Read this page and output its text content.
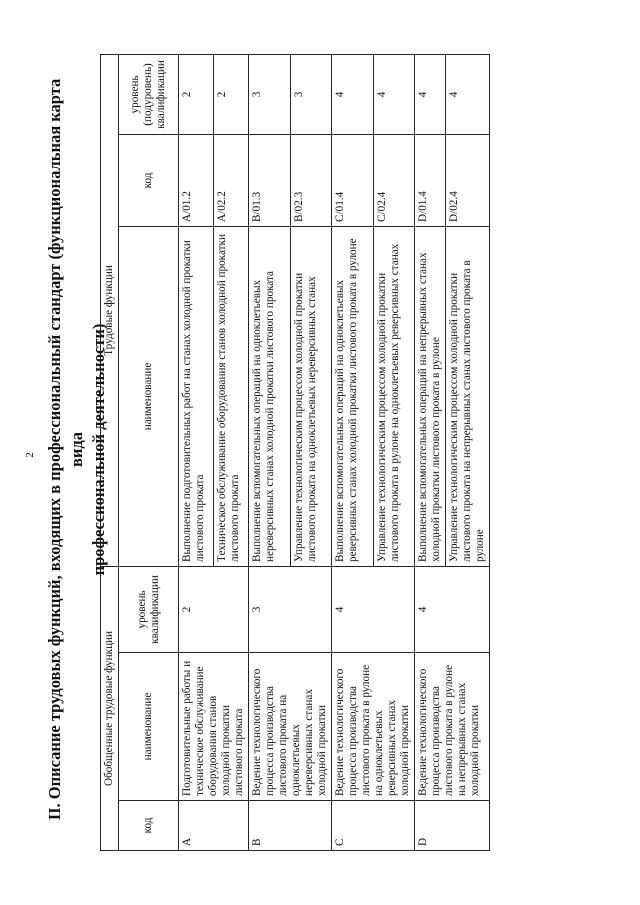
2 II. Описание трудовых функций, входящих в профессиональный стандарт (функциональная карта вида профессиональной деятельности)
Обобщенные трудовые функции			Трудовые функции		
код	наименование	уровень квалификации	наименование	код	уровень (подуровень) квалификации
A	Подготовительные работы и техническое обслуживание оборудования станов холодной прокатки листового проката	2	Выполнение подготовительных работ на станах холодной прокатки листового проката	A/01.2	2
			Техническое обслуживание оборудования станов холодной прокатки листового проката	A/02.2	2
B	Ведение технологического процесса производства листового проката на одноклетьевых нереверсивных станах холодной прокатки	3	Выполнение вспомогательных операций на одноклетьевых нереверсивных станах холодной прокатки листового проката	B/01.3	3
			Управление технологическим процессом холодной прокатки листового проката на одноклетьевых нереверсивных станах	B/02.3	3
C	Ведение технологического процесса производства листового проката в рулоне на одноклетьевых реверсивных станах холодной прокатки	4	Выполнение вспомогательных операций на одноклетьевых реверсивных станах холодной прокатки листового проката в рулоне	C/01.4	4
			Управление технологическим процессом холодной прокатки листового проката в рулоне на одноклетьевых реверсивных станах	C/02.4	4
D	Ведение технологического процесса производства листового проката в рулоне на непрерывных станах холодной прокатки	4	Выполнение вспомогательных операций на непрерывных станах холодной прокатки листового проката в рулоне	D/01.4	4
			Управление технологическим процессом холодной прокатки листового проката на непрерывных станах листового проката в рулоне	D/02.4	4
